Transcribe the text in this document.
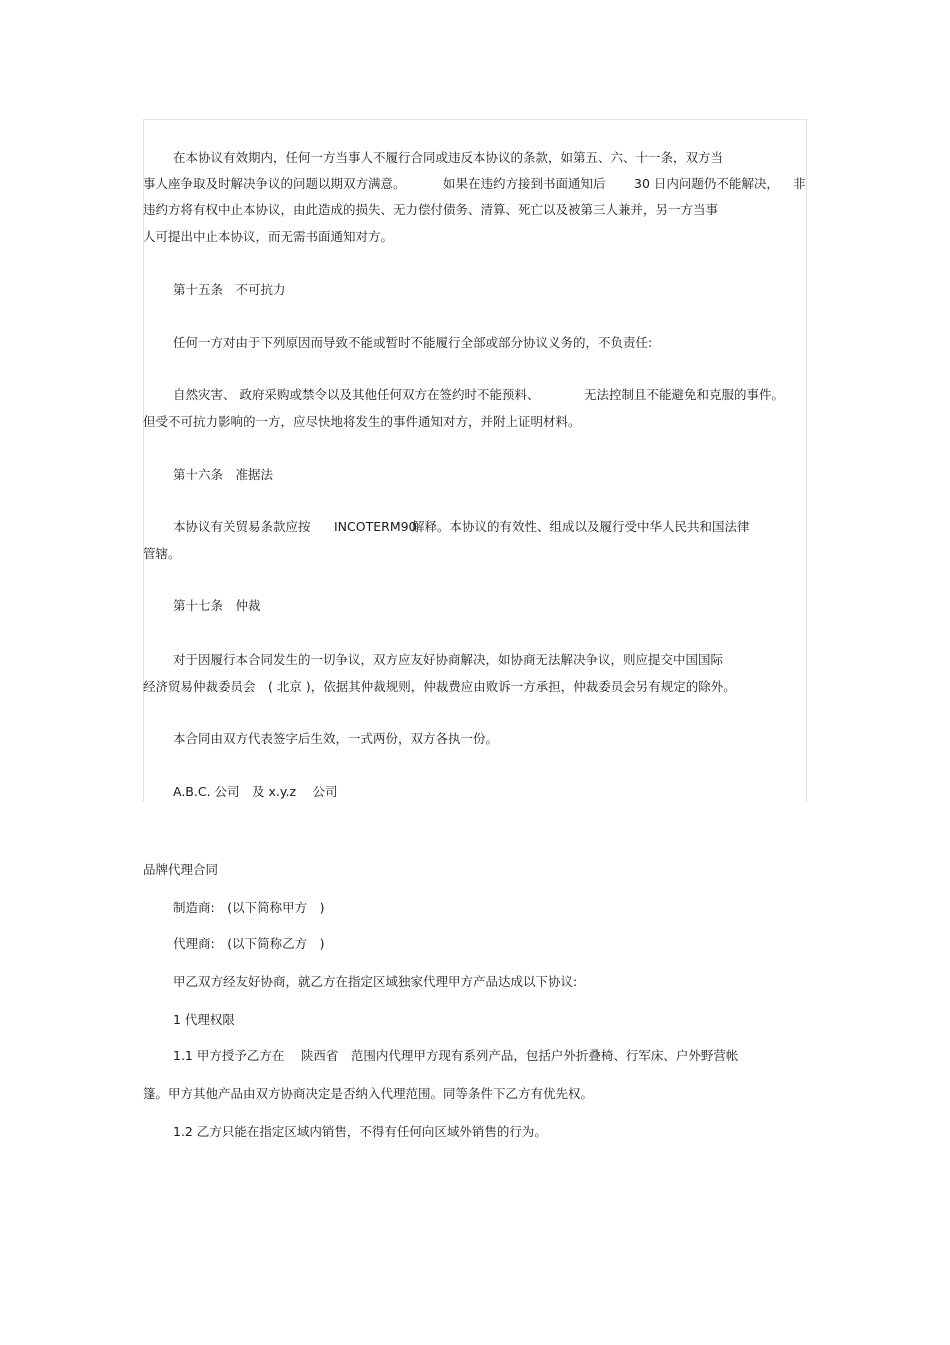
在本协议有效期内，任何一方当事人不履行合同或违反本协议的条款，如第五、六、十一条，双方当
事人座争取及时解决争议的问题以期双方满意。	如果在违约方接到书面通知后 30 日内问题仍不能解决， 非
违约方将有权中止本协议，由此造成的损失、无力偿付债务、清算、死亡以及被第三人兼并，另一方当事
人可提出中止本协议，而无需书面通知对方。
第十五条　不可抗力
任何一方对由于下列原因而导致不能或暂时不能履行全部或部分协议义务的，不负责任:
自然灾害、 政府采购或禁令以及其他任何双方在签约时不能预料、	无法控制且不能避免和克服的事件。
但受不可抗力影响的一方，应尽快地将发生的事件通知对方，并附上证明材料。
第十六条　准据法
本协议有关贸易条款应按 INCOTERM90
解释。本协议的有效性、组成以及履行受中华人民共和国法律
管辖。
第十七条　仲裁
对于因履行本合同发生的一切争议，双方应友好协商解决，如协商无法解决争议，则应提交中国国际
经济贸易仲裁委员会　( 北京 )，依据其仲裁规则，仲裁费应由败诉一方承担，仲裁委员会另有规定的除外。
本合同由双方代表签字后生效，一式两份，双方各执一份。
A.B.C. 公司　及 x.y.z　 公司
品牌代理合同
制造商:　(以下简称甲方　)
代理商:　(以下简称乙方　)
甲乙双方经友好协商，就乙方在指定区域独家代理甲方产品达成以下协议:
1 代理权限
1.1 甲方授予乙方在　 陕西省　范围内代理甲方现有系列产品，包括户外折叠椅、行军床、户外野营帐
篷。甲方其他产品由双方协商决定是否纳入代理范围。同等条件下乙方有优先权。
1.2 乙方只能在指定区域内销售，不得有任何向区域外销售的行为。
